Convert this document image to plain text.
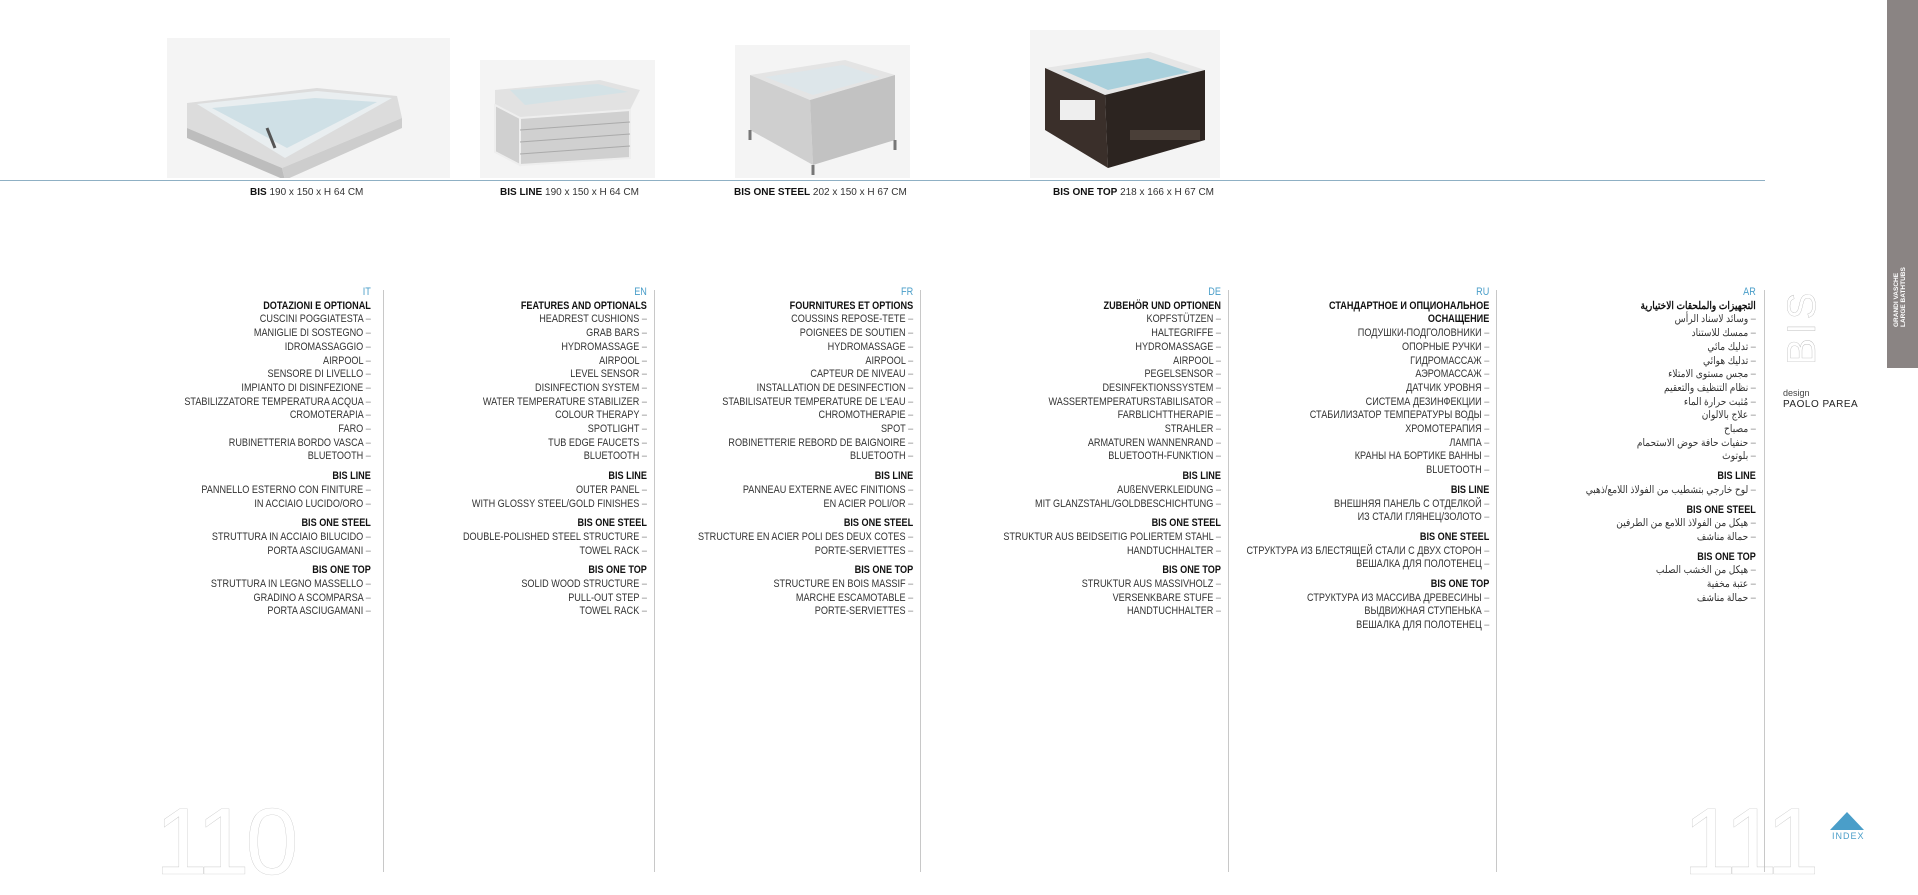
BIS 190 x 150 x H 64 CM	BIS LINE 190 x 150 x H 64 CM	BIS ONE STEEL 202 x 150 x H 67 CM	BIS ONE TOP 218 x 166 x H 67 CM
IT
DOTAZIONI E OPTIONAL
CUSCINI POGGIATESTA –
MANIGLIE DI SOSTEGNO –
IDROMASSAGGIO –
AIRPOOL –
SENSORE DI LIVELLO –
IMPIANTO DI DISINFEZIONE –
STABILIZZATORE TEMPERATURA ACQUA –
CROMOTERAPIA –
FARO –
RUBINETTERIA BORDO VASCA –
BLUETOOTH –
BIS LINE
PANNELLO ESTERNO CON FINITURE –
IN ACCIAIO LUCIDO/ORO –
BIS ONE STEEL
STRUTTURA IN ACCIAIO BILUCIDO –
PORTA ASCIUGAMANI –
BIS ONE TOP
STRUTTURA IN LEGNO MASSELLO –
GRADINO A SCOMPARSA –
PORTA ASCIUGAMANI –
EN
FEATURES AND OPTIONALS
HEADREST CUSHIONS –
GRAB BARS –
HYDROMASSAGE –
AIRPOOL –
LEVEL SENSOR –
DISINFECTION SYSTEM –
WATER TEMPERATURE STABILIZER –
COLOUR THERAPY –
SPOTLIGHT –
TUB EDGE FAUCETS –
BLUETOOTH –
BIS LINE
OUTER PANEL –
WITH GLOSSY STEEL/GOLD FINISHES –
BIS ONE STEEL
DOUBLE-POLISHED STEEL STRUCTURE –
TOWEL RACK –
BIS ONE TOP
SOLID WOOD STRUCTURE –
PULL-OUT STEP –
TOWEL RACK –
FR
FOURNITURES ET OPTIONS
COUSSINS REPOSE-TETE –
POIGNEES DE SOUTIEN –
HYDROMASSAGE –
AIRPOOL –
CAPTEUR DE NIVEAU –
INSTALLATION DE DESINFECTION –
STABILISATEUR TEMPERATURE DE L'EAU –
CHROMOTHERAPIE –
SPOT –
ROBINETTERIE REBORD DE BAIGNOIRE –
BLUETOOTH –
BIS LINE
PANNEAU EXTERNE AVEC FINITIONS –
EN ACIER POLI/OR –
BIS ONE STEEL
STRUCTURE EN ACIER POLI DES DEUX COTES –
PORTE-SERVIETTES –
BIS ONE TOP
STRUCTURE EN BOIS MASSIF –
MARCHE ESCAMOTABLE –
PORTE-SERVIETTES –
DE
ZUBEHÖR UND OPTIONEN
KOPFSTÜTZEN –
HALTEGRIFFE –
HYDROMASSAGE –
AIRPOOL –
PEGELSENSOR –
DESINFEKTIONSSYSTEM –
WASSERTEMPERATURSTABILISATOR –
FARBLICHTTHERAPIE –
STRAHLER –
ARMATUREN WANNENRAND –
BLUETOOTH-FUNKTION –
BIS LINE
AUßENVERKLEIDUNG –
MIT GLANZSTAHL/GOLDBESCHICHTUNG –
BIS ONE STEEL
STRUKTUR AUS BEIDSEITIG POLIERTEM STAHL –
HANDTUCHHALTER –
BIS ONE TOP
STRUKTUR AUS MASSIVHOLZ –
VERSENKBARE STUFE –
HANDTUCHHALTER –
RU
СТАНДАРТНОЕ И ОПЦИОНАЛЬНОЕ
ОСНАЩЕНИЕ
ПОДУШКИ-ПОДГОЛОВНИКИ –
ОПОРНЫЕ РУЧКИ –
ГИДРОМАССАЖ –
АЭРОМАССАЖ –
ДАТЧИК УРОВНЯ –
СИСТЕМА ДЕЗИНФЕКЦИИ –
СТАБИЛИЗАТОР ТЕМПЕРАТУРЫ ВОДЫ –
ХРОМОТЕРАПИЯ –
ЛАМПА –
КРАНЫ НА БОРТИКЕ ВАННЫ –
BLUETOOTH –
BIS LINE
ВНЕШНЯЯ ПАНЕЛЬ С ОТДЕЛКОЙ –
ИЗ СТАЛИ ГЛЯНЕЦ/ЗОЛОТО –
BIS ONE STEEL
СТРУКТУРА ИЗ БЛЕСТЯЩЕЙ СТАЛИ С ДВУХ СТОРОН –
ВЕШАЛКА ДЛЯ ПОЛОТЕНЕЦ –
BIS ONE TOP
СТРУКТУРА ИЗ МАССИВА ДРЕВЕСИНЫ –
ВЫДВИЖНАЯ СТУПЕНЬКА –
ВЕШАЛКА ДЛЯ ПОЛОТЕНЕЦ –
AR
التجهيزات والملحقات الاختيارية
وسائد لاسناد الرأس –
ممسك للاستناد –
تدليك مائي –
تدليك هوائي –
مجس مستوى الامتلاء –
نظام التنظيف والتعقيم –
مُثبت حرارة الماء –
علاج بالالوان –
مصباح –
حنفيات حافة حوض الاستحمام –
بلوتوث –
BIS LINE
لوح خارجي بتشطيب من الفولاذ اللامع/ذهبي –
BIS ONE STEEL
هيكل من الفولاذ اللامع من الطرفين –
حمالة مناشف –
BIS ONE TOP
هيكل من الخشب الصلب –
عتبة مخفية –
حمالة مناشف –
110	111
GRANDI VASCHE LARGE BATHTUBS
BIS
design
PAOLO PAREA
INDEX
